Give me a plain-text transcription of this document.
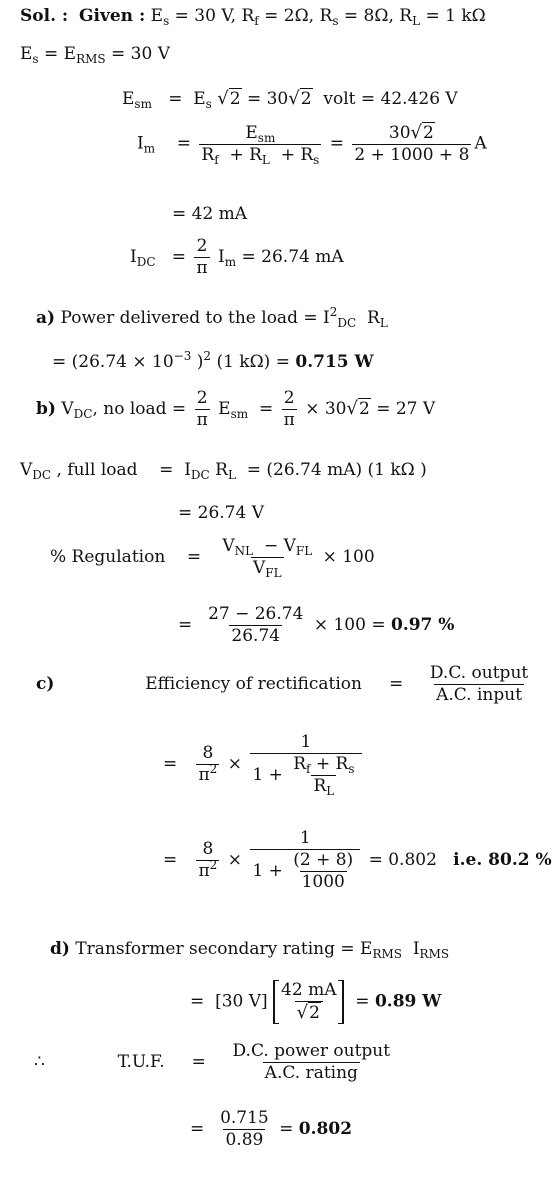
Sol. : Given : $E_s = 30$ V, $R_f = 2\Omega$, $R_s = 8\Omega$, $R_L = 1$ kΩ
$E_s = E_{RMS} = 30$ V
$E_{sm} = E_s$ √2 = 30√2 volt = 42.426 V
$I_m = \frac{E_{sm}}{R_f + R_L + R_s} = \frac{30√2}{2 + 1000 + 8}$ A
= 42 mA
$I_{DC} = \frac{2}{\pi} I_m = 26.74$ mA
a) Power delivered to the load = $I^2_{DC}$ $R_L$
= ($26.74 \times 10^{-3}$ )$^2$ (1 kΩ) = 0.715 W
b) $V_{DC}$, no load = $\frac{2}{\pi} E_{sm} = \frac{2}{\pi} \times 30√2 = 27$ V
$V_{DC}$ , full load = $I_{DC}$ $R_L = (26.74$ mA) (1 kΩ )
= 26.74 V
% Regulation = $\frac{V_{NL} - V_{FL}}{V_{FL}} \times 100$
= $\frac{27 - 26.74}{26.74} \times 100 = 0.97$ %
c)	Efficiency of rectification = $\frac{\text{D.C. output}}{\text{A.C. input}}$
= $\frac{8}{\pi^2} \times \frac{1}{1 + \frac{R_f + R_s}{R_L}}$
= $\frac{8}{\pi^2} \times \frac{1}{1 + \frac{(2 + 8)}{1000}} = 0.802$ i.e. 80.2 %
d) Transformer secondary rating = $E_{RMS}$ $I_{RMS}$
= [30 $V] \frac{42 mA}{√2} = 0.89$ W
∴	T.U.F. = $\frac{\text{D.C. power output}}{\text{A.C. rating}}$
= $\frac{0.715}{0.89} = 0.802$
